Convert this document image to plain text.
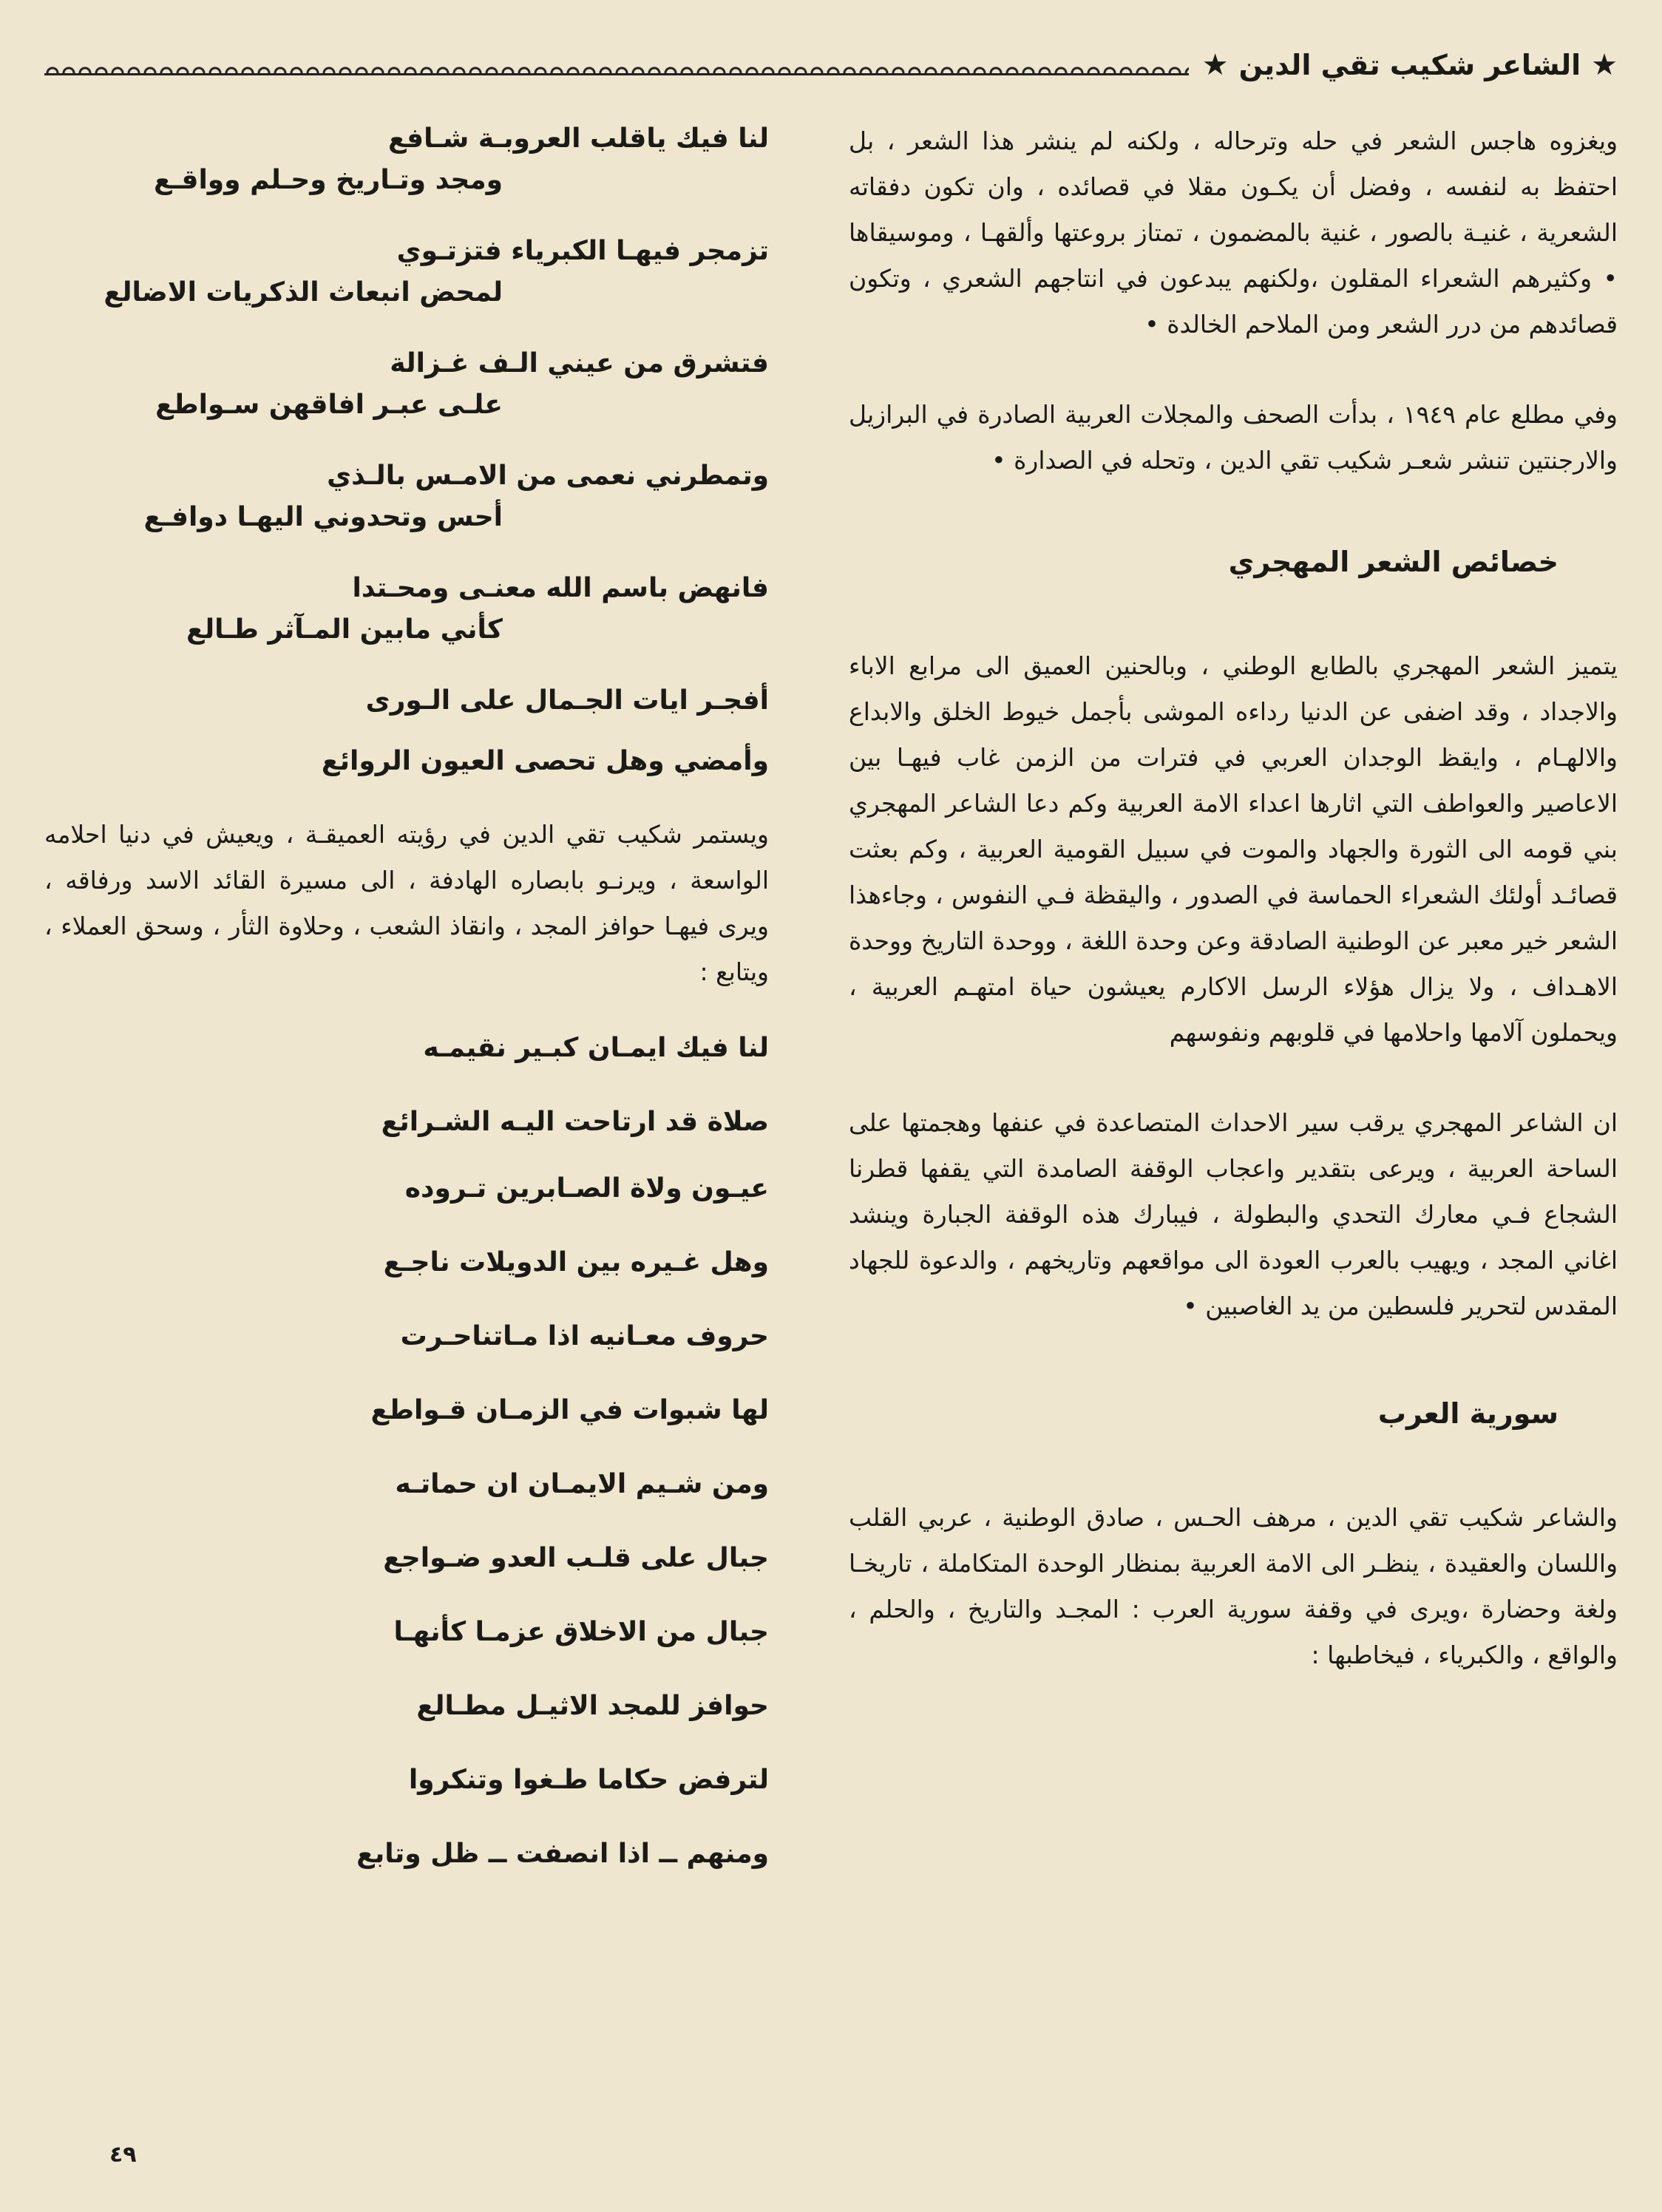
★
الشاعر شكيب تقي الدين
★

ويغزوه هاجس الشعر في حله وترحاله ، ولكنه لم ينشر هذا الشعر ، بل احتفظ به لنفسه ، وفضل أن يكـون مقلا في قصائده ، وان تكون دفقاته الشعرية ، غنيـة بالصور ، غنية بالمضمون ، تمتاز بروعتها وألقهـا ، وموسيقاها • وكثيرهم الشعراء المقلون ،ولكنهم يبدعون في انتاجهم الشعري ، وتكون قصائدهم من درر الشعر ومن الملاحم الخالدة •

وفي مطلع عام ١٩٤٩ ، بدأت الصحف والمجلات العربية الصادرة في البرازيل والارجنتين تنشر شعـر شكيب تقي الدين ، وتحله في الصدارة •

خصائص الشعر المهجري

يتميز الشعر المهجري بالطابع الوطني ، وبالحنين العميق الى مرابع الاباء والاجداد ، وقد اضفى عن الدنيا رداءه الموشى بأجمل خيوط الخلق والابداع والالهـام ، وايقظ الوجدان العربي في فترات من الزمن غاب فيهـا بين الاعاصير والعواطف التي اثارها اعداء الامة العربية وكم دعا الشاعر المهجري بني قومه الى الثورة والجهاد والموت في سبيل القومية العربية ، وكم بعثت قصائـد أولئك الشعراء الحماسة في الصدور ، واليقظة فـي النفوس ، وجاءهذا الشعر خير معبر عن الوطنية الصادقة وعن وحدة اللغة ، ووحدة التاريخ ووحدة الاهـداف ، ولا يزال هؤلاء الرسل الاكارم يعيشون حياة امتهـم العربية ، ويحملون آلامها واحلامها في قلوبهم ونفوسهم

ان الشاعر المهجري يرقب سير الاحداث المتصاعدة في عنفها وهجمتها على الساحة العربية ، ويرعى بتقدير واعجاب الوقفة الصامدة التي يقفها قطرنا الشجاع فـي معارك التحدي والبطولة ، فيبارك هذه الوقفة الجبارة وينشد اغاني المجد ، ويهيب بالعرب العودة الى مواقعهم وتاريخهم ، والدعوة للجهاد المقدس لتحرير فلسطين من يد الغاصبين •

سورية العرب

والشاعر شكيب تقي الدين ، مرهف الحـس ، صادق الوطنية ، عربي القلب واللسان والعقيدة ، ينظـر الى الامة العربية بمنظار الوحدة المتكاملة ، تاريخـا ولغة وحضارة ،ويرى في وقفة سورية العرب : المجـد والتاريخ ، والحلم ، والواقع ، والكبرياء ، فيخاطبها :

لنا فيك ياقلب العروبـة شـافع
ومجد وتـاريخ وحـلم وواقـع
تزمجر فيهـا الكبرياء فتزتـوي
لمحض انبعاث الذكريات الاضالع
فتشرق من عيني الـف غـزالة
علـى عبـر افاقهن سـواطع
وتمطرني نعمى من الامـس بالـذي
أحس وتحدوني اليهـا دوافـع
فانهض باسم الله معنـى ومحـتدا
كأني مابين المـآثر طـالع
أفجـر ايات الجـمال على الـورى
وأمضي وهل تحصى العيون الروائع

ويستمر شكيب تقي الدين في رؤيته العميقـة ، ويعيش في دنيا احلامه الواسعة ، ويرنـو بابصاره الهادفة ، الى مسيرة القائد الاسد ورفاقه ، ويرى فيهـا حوافز المجد ، وانقاذ الشعب ، وحلاوة الثأر ، وسحق العملاء ، ويتابع :

لنا فيك ايمـان كبـير نقيمـه
صلاة قد ارتاحت اليـه الشـرائع
عيـون ولاة الصـابرين تـروده
وهل غـيره بين الدويلات ناجـع
حروف معـانيه اذا مـاتناحـرت
لها شبوات في الزمـان قـواطع
ومن شـيم الايمـان ان حماتـه
جبال على قلـب العدو ضـواجع
جبال من الاخلاق عزمـا كأنهـا
حوافز للمجد الاثيـل مطـالع
لترفض حكاما طـغوا وتنكروا
ومنهم ــ اذا انصفت ــ ظل وتابع
٤٩
